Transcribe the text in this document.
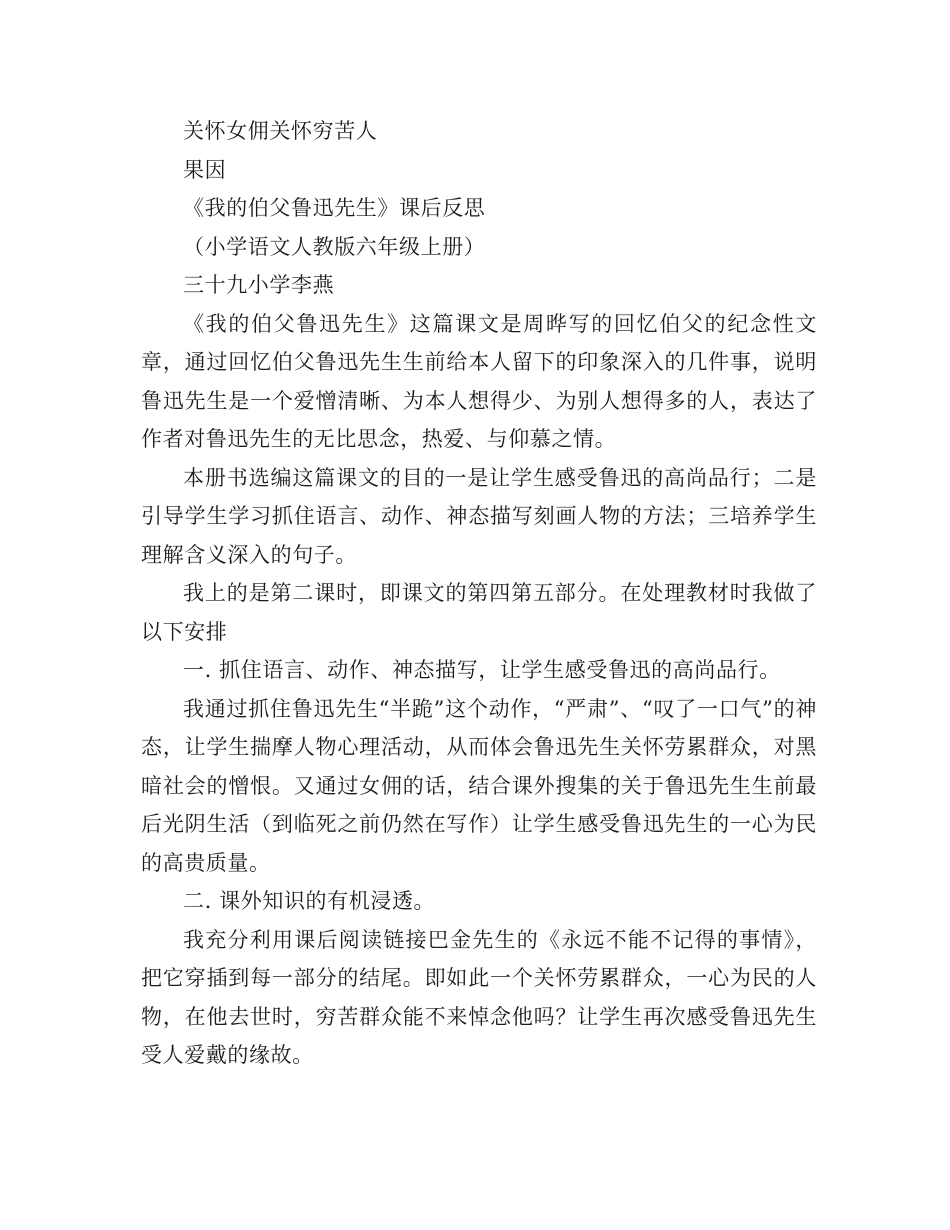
关怀女佣关怀穷苦人

果因

《我的伯父鲁迅先生》课后反思

（小学语文人教版六年级上册）

三十九小学李燕

《我的伯父鲁迅先生》这篇课文是周晔写的回忆伯父的纪念性文章，通过回忆伯父鲁迅先生生前给本人留下的印象深入的几件事，说明鲁迅先生是一个爱憎清晰、为本人想得少、为别人想得多的人，表达了作者对鲁迅先生的无比思念，热爱、与仰慕之情。

本册书选编这篇课文的目的一是让学生感受鲁迅的高尚品行；二是引导学生学习抓住语言、动作、神态描写刻画人物的方法；三培养学生理解含义深入的句子。

我上的是第二课时，即课文的第四第五部分。在处理教材时我做了以下安排

一. 抓住语言、动作、神态描写，让学生感受鲁迅的高尚品行。

我通过抓住鲁迅先生“半跪”这个动作，“严肃”、“叹了一口气”的神态，让学生揣摩人物心理活动，从而体会鲁迅先生关怀劳累群众，对黑暗社会的憎恨。又通过女佣的话，结合课外搜集的关于鲁迅先生生前最后光阴生活（到临死之前仍然在写作）让学生感受鲁迅先生的一心为民的高贵质量。

二. 课外知识的有机浸透。

我充分利用课后阅读链接巴金先生的《永远不能不记得的事情》，把它穿插到每一部分的结尾。即如此一个关怀劳累群众，一心为民的人物，在他去世时，穷苦群众能不来悼念他吗？让学生再次感受鲁迅先生受人爱戴的缘故。
